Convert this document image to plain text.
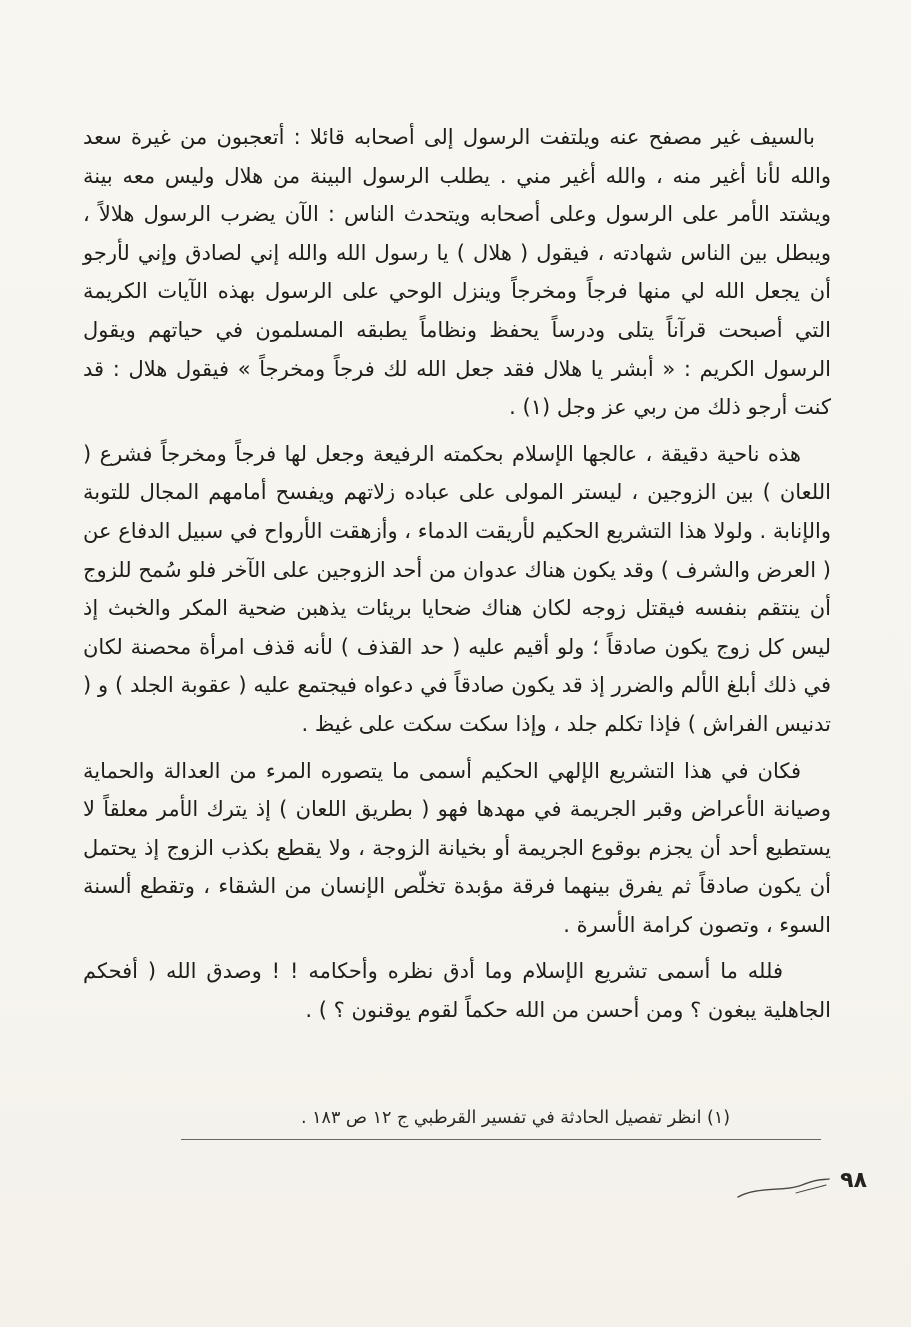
بالسيف غير مصفح عنه ويلتفت الرسول إلى أصحابه قائلا : أتعجبون من غيرة سعد والله لأنا أغير منه ، والله أغير مني . يطلب الرسول البينة من هلال وليس معه بينة ويشتد الأمر على الرسول وعلى أصحابه ويتحدث الناس : الآن يضرب الرسول هلالاً ، ويبطل بين الناس شهادته ، فيقول ( هلال ) يا رسول الله والله إني لصادق وإني لأرجو أن يجعل الله لي منها فرجاً ومخرجاً وينزل الوحي على الرسول بهذه الآيات الكريمة التي أصبحت قرآناً يتلى ودرساً يحفظ ونظاماً يطبقه المسلمون في حياتهم ويقول الرسول الكريم : « أبشر يا هلال فقد جعل الله لك فرجاً ومخرجاً » فيقول هلال : قد كنت أرجو ذلك من ربي عز وجل (١) .

هذه ناحية دقيقة ، عالجها الإسلام بحكمته الرفيعة وجعل لها فرجاً ومخرجاً فشرع ( اللعان ) بين الزوجين ، ليستر المولى على عباده زلاتهم ويفسح أمامهم المجال للتوبة والإنابة . ولولا هذا التشريع الحكيم لأريقت الدماء ، وأزهقت الأرواح في سبيل الدفاع عن ( العرض والشرف ) وقد يكون هناك عدوان من أحد الزوجين على الآخر فلو سُمح للزوج أن ينتقم بنفسه فيقتل زوجه لكان هناك ضحايا بريئات يذهبن ضحية المكر والخبث إذ ليس كل زوج يكون صادقاً ؛ ولو أقيم عليه ( حد القذف ) لأنه قذف امرأة محصنة لكان في ذلك أبلغ الألم والضرر إذ قد يكون صادقاً في دعواه فيجتمع عليه ( عقوبة الجلد ) و ( تدنيس الفراش ) فإذا تكلم جلد ، وإذا سكت سكت على غيظ .

فكان في هذا التشريع الإلهي الحكيم أسمى ما يتصوره المرء من العدالة والحماية وصيانة الأعراض وقبر الجريمة في مهدها فهو ( بطريق اللعان ) إذ يترك الأمر معلقاً لا يستطيع أحد أن يجزم بوقوع الجريمة أو بخيانة الزوجة ، ولا يقطع بكذب الزوج إذ يحتمل أن يكون صادقاً ثم يفرق بينهما فرقة مؤبدة تخلّص الإنسان من الشقاء ، وتقطع ألسنة السوء ، وتصون كرامة الأسرة .

فلله ما أسمى تشريع الإسلام وما أدق نظره وأحكامه ! ! وصدق الله ( أفحكم الجاهلية يبغون ؟ ومن أحسن من الله حكماً لقوم يوقنون ؟ ) .

(١) انظر تفصيل الحادثة في تفسير القرطبي ج ١٢ ص ١٨٣ .
٩٨
